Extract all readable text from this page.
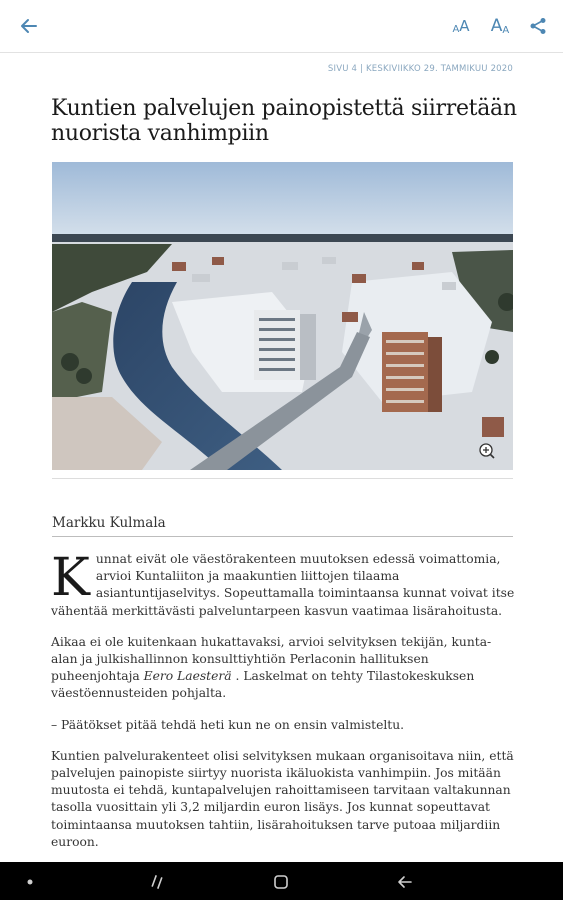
A A A A
SIVU 4 | KESKIVIIKKO 29. TAMMIKUU 2020
Kuntien palvelujen painopistettä siirretään nuorista vanhimpiin
Markku Kulmala

Kunnat eivät ole väestörakenteen muutoksen edessä voimattomia, arvioi Kuntaliiton ja maakuntien liittojen tilaama asiantuntijaselvitys. Sopeuttamalla toimintaansa kunnat voivat itse vähentää merkittävästi palveluntarpeen kasvun vaatimaa lisärahoitusta.

Aikaa ei ole kuitenkaan hukattavaksi, arvioi selvityksen tekijän, kunta-alan ja julkishallinnon konsulttiyhtiön Perlaconin hallituksen puheenjohtaja Eero Laesterä . Laskelmat on tehty Tilastokeskuksen väestöennusteiden pohjalta.

– Päätökset pitää tehdä heti kun ne on ensin valmisteltu.

Kuntien palvelurakenteet olisi selvityksen mukaan organisoitava niin, että palvelujen painopiste siirtyy nuorista ikäluokista vanhimpiin. Jos mitään muutosta ei tehdä, kuntapalvelujen rahoittamiseen tarvitaan valtakunnan tasolla vuosittain yli 3,2 miljardin euron lisäys. Jos kunnat sopeuttavat toimintaansa muutoksen tahtiin, lisärahoituksen tarve putoaa miljardiin euroon.
